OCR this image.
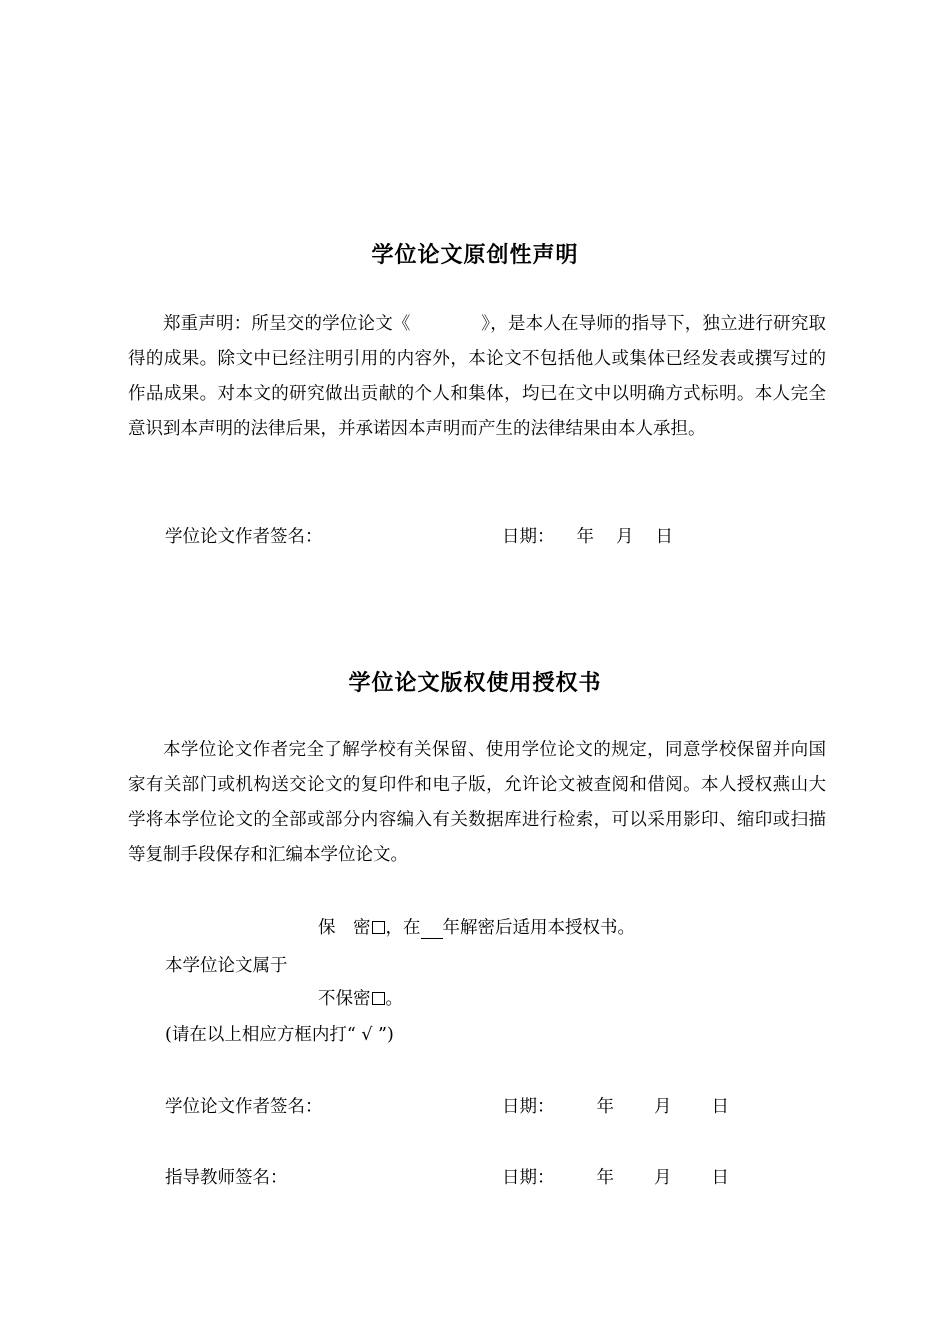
学位论文原创性声明

郑重声明：所呈交的学位论文《　　　　》，是本人在导师的指导下，独立进行研究取得的成果。除文中已经注明引用的内容外，本论文不包括他人或集体已经发表或撰写过的作品成果。对本文的研究做出贡献的个人和集体，均已在文中以明确方式标明。本人完全意识到本声明的法律后果，并承诺因本声明而产生的法律结果由本人承担。

学位论文作者签名：	日期： 年 月 日
学位论文版权使用授权书

本学位论文作者完全了解学校有关保留、使用学位论文的规定，同意学校保留并向国家有关部门或机构送交论文的复印件和电子版，允许论文被查阅和借阅。本人授权燕山大学将本学位论文的全部或部分内容编入有关数据库进行检索，可以采用影印、缩印或扫描等复制手段保存和汇编本学位论文。

保　密 ，在 年解密后适用本授权书。
本学位论文属于
不保密 。
(请在以上相应方框内打“ √ ”)
学位论文作者签名：	日期： 年 月 日
指导教师签名：	日期： 年 月 日
